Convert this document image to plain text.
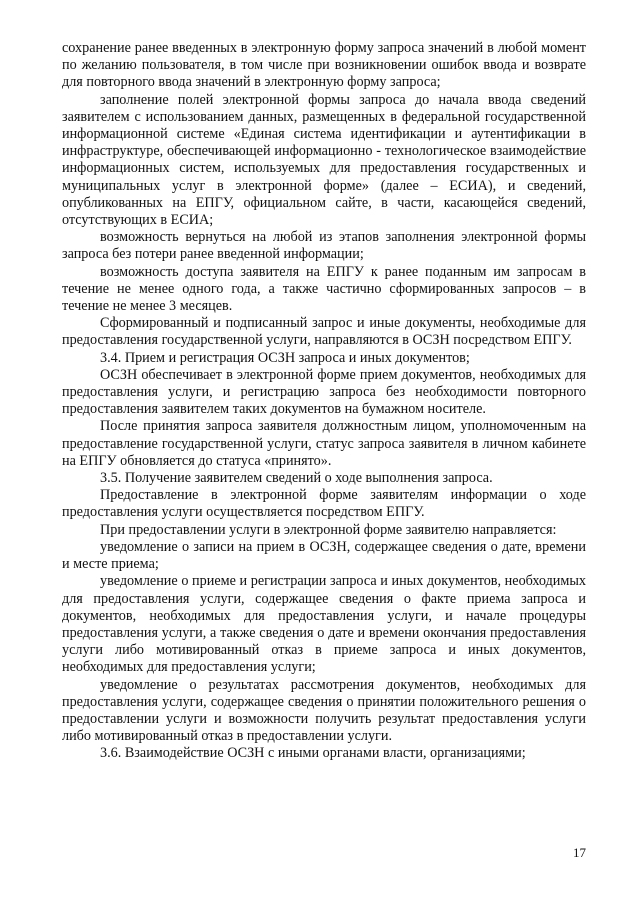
сохранение ранее введенных в электронную форму запроса значений в любой момент по желанию пользователя, в том числе при возникновении ошибок ввода и возврате для повторного ввода значений в электронную форму запроса;

заполнение полей электронной формы запроса до начала ввода сведений заявителем с использованием данных, размещенных в федеральной государственной информационной системе «Единая система идентификации и аутентификации в инфраструктуре, обеспечивающей информационно - технологическое взаимодействие информационных систем, используемых для предоставления государственных и муниципальных услуг в электронной форме» (далее – ЕСИА), и сведений, опубликованных на ЕПГУ, официальном сайте, в части, касающейся сведений, отсутствующих в ЕСИА;

возможность вернуться на любой из этапов заполнения электронной формы запроса без потери ранее введенной информации;

возможность доступа заявителя на ЕПГУ к ранее поданным им запросам в течение не менее одного года, а также частично сформированных запросов – в течение не менее 3 месяцев.

Сформированный и подписанный запрос и иные документы, необходимые для предоставления государственной услуги, направляются в ОСЗН посредством ЕПГУ.

3.4. Прием и регистрация ОСЗН запроса и иных документов;

ОСЗН обеспечивает в электронной форме прием документов, необходимых для предоставления услуги, и регистрацию запроса без необходимости повторного предоставления заявителем таких документов на бумажном носителе.

После принятия запроса заявителя должностным лицом, уполномоченным на предоставление государственной услуги, статус запроса заявителя в личном кабинете на ЕПГУ обновляется до статуса «принято».

3.5. Получение заявителем сведений о ходе выполнения запроса.

Предоставление в электронной форме заявителям информации о ходе предоставления услуги осуществляется посредством ЕПГУ.

При предоставлении услуги в электронной форме заявителю направляется:

уведомление о записи на прием в ОСЗН, содержащее сведения о дате, времени и месте приема;

уведомление о приеме и регистрации запроса и иных документов, необходимых для предоставления услуги, содержащее сведения о факте приема запроса и документов, необходимых для предоставления услуги, и начале процедуры предоставления услуги, а также сведения о дате и времени окончания предоставления услуги либо мотивированный отказ в приеме запроса и иных документов, необходимых для предоставления услуги;

уведомление о результатах рассмотрения документов, необходимых для предоставления услуги, содержащее сведения о принятии положительного решения о предоставлении услуги и возможности получить результат предоставления услуги либо мотивированный отказ в предоставлении услуги.

3.6. Взаимодействие ОСЗН с иными органами власти, организациями;

17
